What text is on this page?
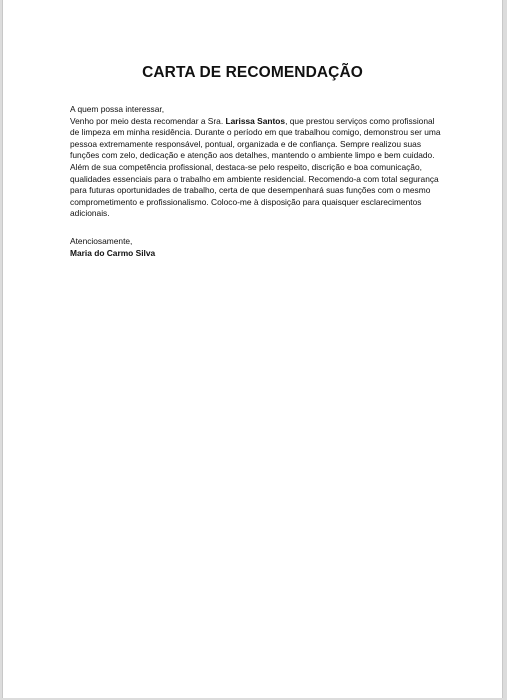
CARTA DE RECOMENDAÇÃO

A quem possa interessar,

Venho por meio desta recomendar a Sra. Larissa Santos, que prestou serviços como profissional de limpeza em minha residência. Durante o período em que trabalhou comigo, demonstrou ser uma pessoa extremamente responsável, pontual, organizada e de confiança. Sempre realizou suas funções com zelo, dedicação e atenção aos detalhes, mantendo o ambiente limpo e bem cuidado. Além de sua competência profissional, destaca-se pelo respeito, discrição e boa comunicação, qualidades essenciais para o trabalho em ambiente residencial. Recomendo-a com total segurança para futuras oportunidades de trabalho, certa de que desempenhará suas funções com o mesmo comprometimento e profissionalismo. Coloco-me à disposição para quaisquer esclarecimentos adicionais.

Atenciosamente,

Maria do Carmo Silva
